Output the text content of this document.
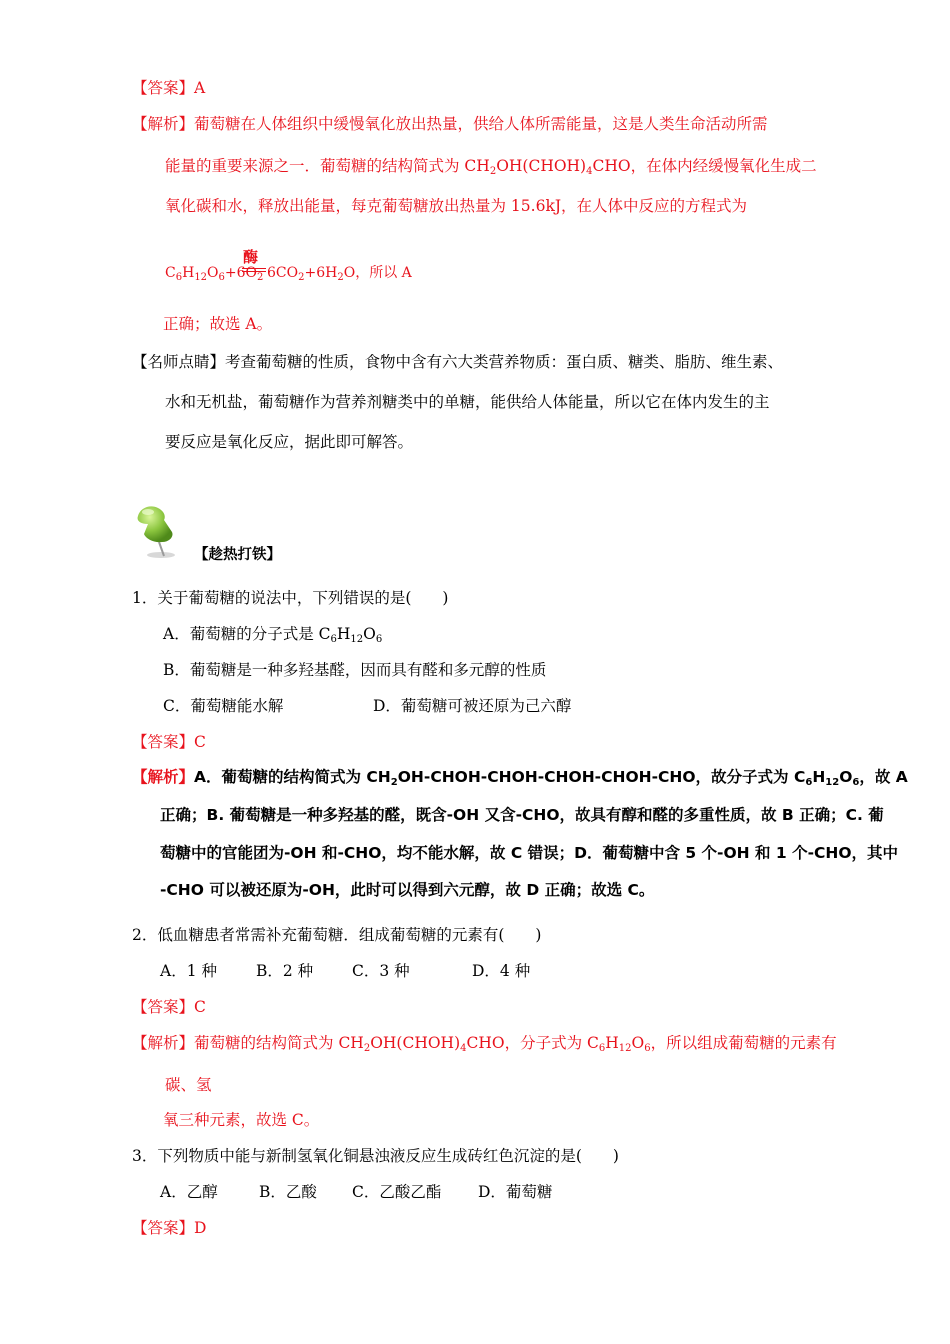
【答案】A
【解析】葡萄糖在人体组织中缓慢氧化放出热量，供给人体所需能量，这是人类生命活动所需
能量的重要来源之一．葡萄糖的结构简式为 $CH_2OH(CHOH)_4CHO$，在体内经缓慢氧化生成二
氧化碳和水，释放出能量，每克葡萄糖放出热量为 15.6kJ，在人体中反应的方程式为
酶
$C_6H_{12}O_6+6O_2$ $6CO_2+6H_2O$，所以 A
正确；故选 A。
【名师点睛】考查葡萄糖的性质，食物中含有六大类营养物质：蛋白质、糖类、脂肪、维生素、
水和无机盐，葡萄糖作为营养剂糖类中的单糖，能供给人体能量，所以它在体内发生的主
要反应是氧化反应，据此即可解答。
【趁热打铁】
1．关于葡萄糖的说法中，下列错误的是(　　)
A．葡萄糖的分子式是 $C_6H_{12}O_6$
B．葡萄糖是一种多羟基醛，因而具有醛和多元醇的性质
C．葡萄糖能水解	D．葡萄糖可被还原为己六醇
【答案】C
【解析】A．葡萄糖的结构简式为 $CH_2OH-CHOH-CHOH-CHOH-CHOH$-CHO，故分子式为 $C_6H_{12}O_6$，故 A
正确；B. 葡萄糖是一种多羟基的醛，既含-OH 又含-CHO，故具有醇和醛的多重性质，故 B 正确；C. 葡
萄糖中的官能团为-OH 和-CHO，均不能水解，故 C 错误；D．葡萄糖中含 5 个-OH 和 1 个-CHO，其中
-CHO 可以被还原为-OH，此时可以得到六元醇，故 D 正确；故选 C。
2．低血糖患者常需补充葡萄糖．组成葡萄糖的元素有(　　)
A．1 种	B．2 种	C．3 种	D．4 种
【答案】C
【解析】葡萄糖的结构简式为 $CH_2OH(CHOH)_4CHO$，分子式为 $C_6H_{12}O_6$，所以组成葡萄糖的元素有
碳、氢
氧三种元素，故选 C。
3．下列物质中能与新制氢氧化铜悬浊液反应生成砖红色沉淀的是(　　)
A．乙醇	B．乙酸 C．乙酸乙酯 D．葡萄糖
【答案】D
